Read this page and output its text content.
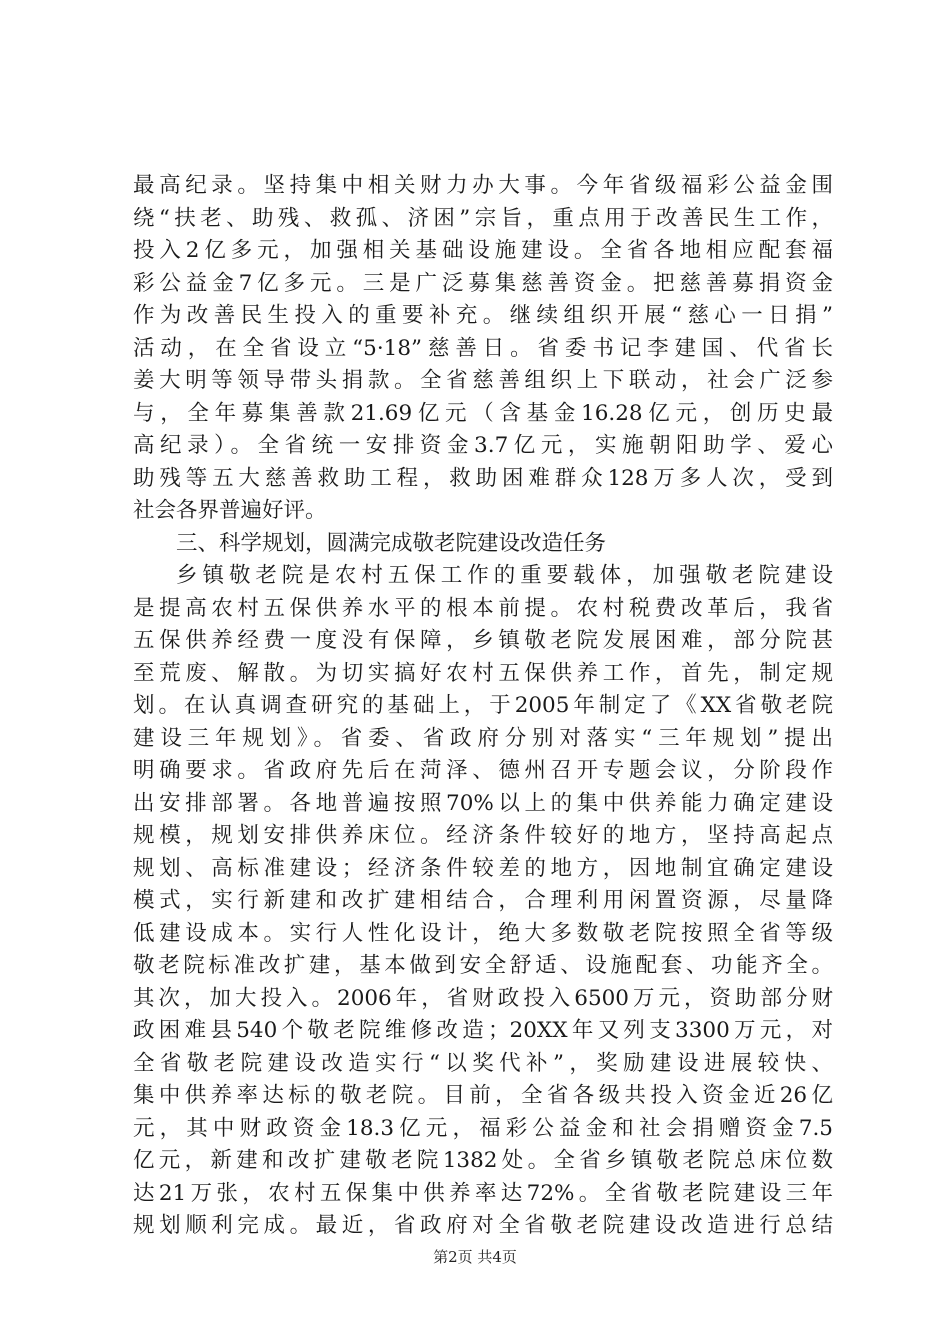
最高纪录。坚持集中相关财力办大事。今年省级福彩公益金围
绕“扶老、助残、救孤、济困”宗旨，重点用于改善民生工作，
投入2亿多元，加强相关基础设施建设。全省各地相应配套福
彩公益金7亿多元。三是广泛募集慈善资金。把慈善募捐资金
作为改善民生投入的重要补充。继续组织开展“慈心一日捐”
活动，在全省设立“5·18”慈善日。省委书记李建国、代省长
姜大明等领导带头捐款。全省慈善组织上下联动，社会广泛参
与，全年募集善款21.69亿元（含基金16.28亿元，创历史最
高纪录）。全省统一安排资金3.7亿元，实施朝阳助学、爱心
助残等五大慈善救助工程，救助困难群众128万多人次，受到
社会各界普遍好评。
三、科学规划，圆满完成敬老院建设改造任务
乡镇敬老院是农村五保工作的重要载体，加强敬老院建设
是提高农村五保供养水平的根本前提。农村税费改革后，我省
五保供养经费一度没有保障，乡镇敬老院发展困难，部分院甚
至荒废、解散。为切实搞好农村五保供养工作，首先，制定规
划。在认真调查研究的基础上，于2005年制定了《XX省敬老院
建设三年规划》。省委、省政府分别对落实“三年规划”提出
明确要求。省政府先后在菏泽、德州召开专题会议，分阶段作
出安排部署。各地普遍按照70%以上的集中供养能力确定建设
规模，规划安排供养床位。经济条件较好的地方，坚持高起点
规划、高标准建设；经济条件较差的地方，因地制宜确定建设
模式，实行新建和改扩建相结合，合理利用闲置资源，尽量降
低建设成本。实行人性化设计，绝大多数敬老院按照全省等级
敬老院标准改扩建，基本做到安全舒适、设施配套、功能齐全。
其次，加大投入。2006年，省财政投入6500万元，资助部分财
政困难县540个敬老院维修改造；20XX年又列支3300万元，对
全省敬老院建设改造实行“以奖代补”，奖励建设进展较快、
集中供养率达标的敬老院。目前，全省各级共投入资金近26亿
元，其中财政资金18.3亿元，福彩公益金和社会捐赠资金7.5
亿元，新建和改扩建敬老院1382处。全省乡镇敬老院总床位数
达21万张，农村五保集中供养率达72%。全省敬老院建设三年
规划顺利完成。最近，省政府对全省敬老院建设改造进行总结
第2页 共4页
